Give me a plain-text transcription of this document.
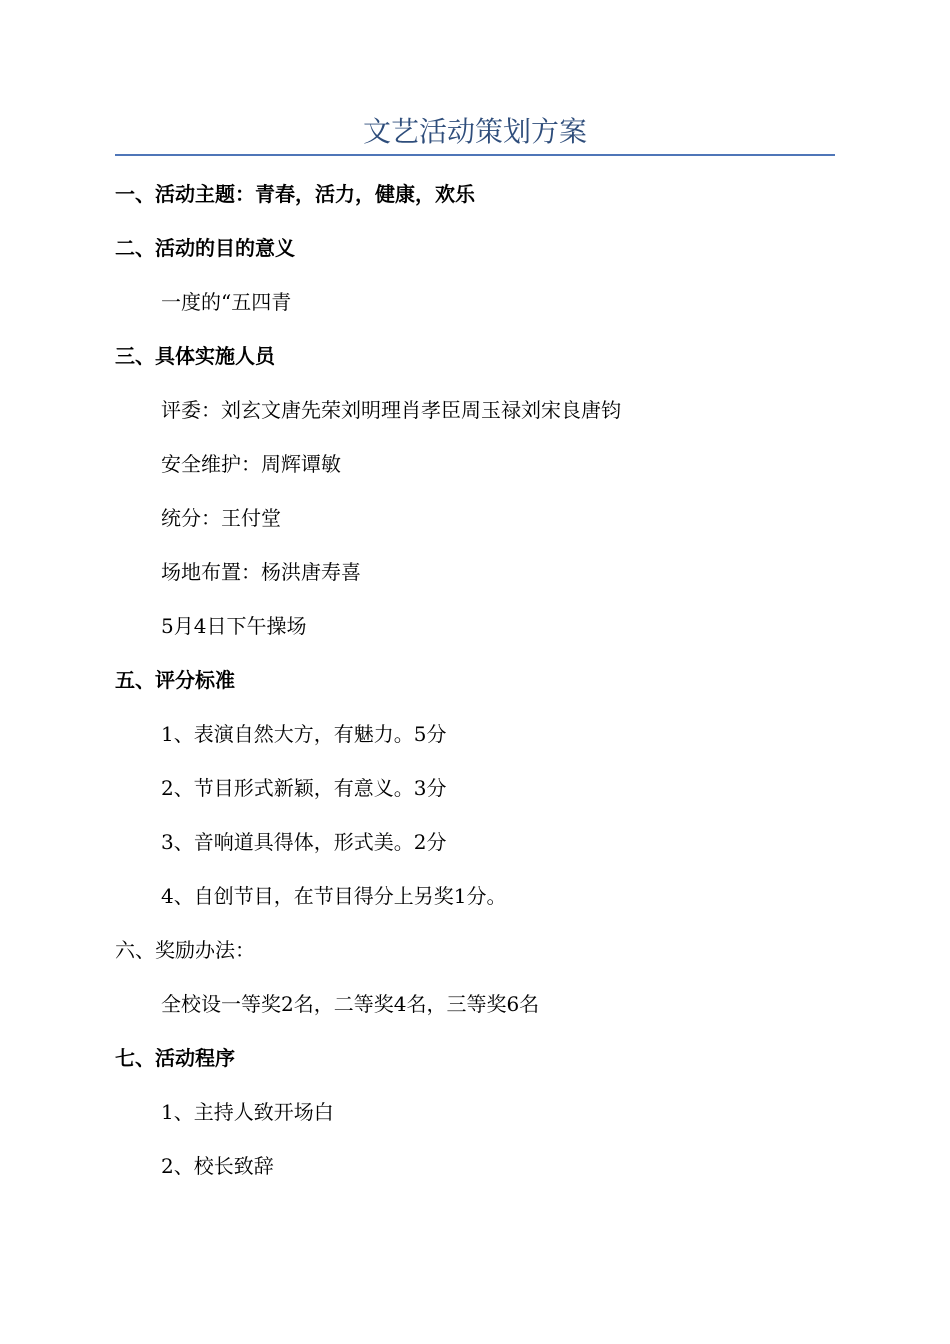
文艺活动策划方案
一、活动主题：青春，活力，健康，欢乐
二、活动的目的意义
一度的“五四青
三、具体实施人员
评委：刘玄文唐先荣刘明理肖孝臣周玉禄刘宋良唐钧
安全维护：周辉谭敏
统分：王付堂
场地布置：杨洪唐寿喜
5月4日下午操场
五、评分标准
1、表演自然大方，有魅力。5分
2、节目形式新颖，有意义。3分
3、音响道具得体，形式美。2分
4、自创节目，在节目得分上另奖1分。
六、奖励办法：
全校设一等奖2名，二等奖4名，三等奖6名
七、活动程序
1、主持人致开场白
2、校长致辞
